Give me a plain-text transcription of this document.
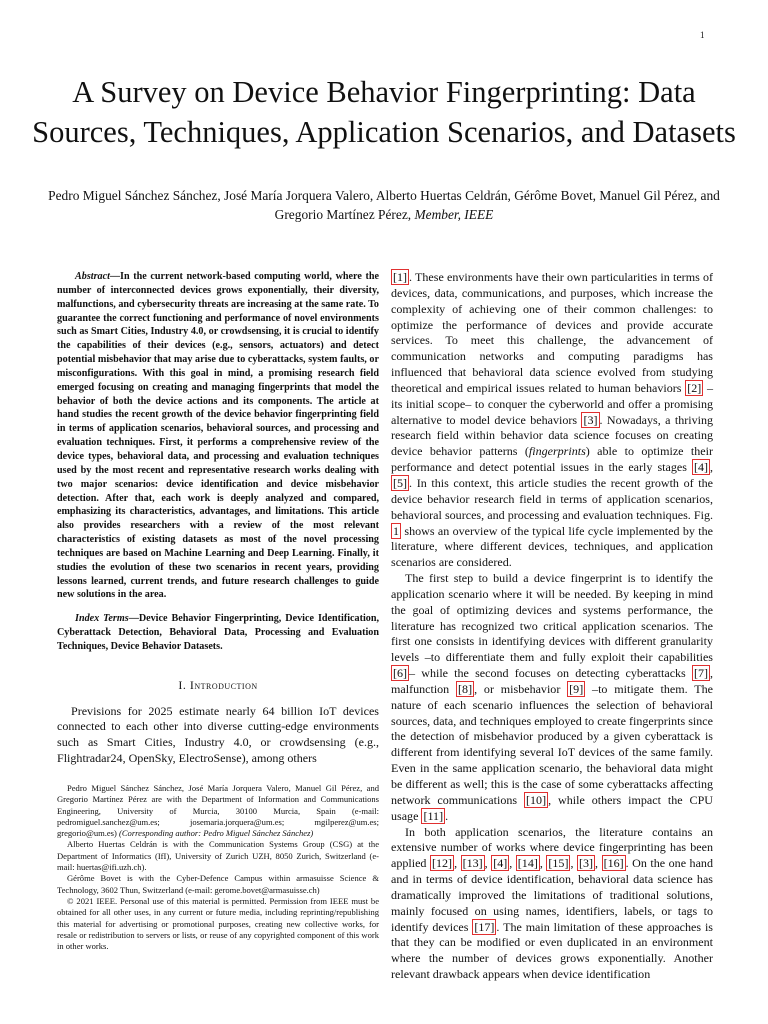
1
A Survey on Device Behavior Fingerprinting: Data Sources, Techniques, Application Scenarios, and Datasets
Pedro Miguel Sánchez Sánchez, José María Jorquera Valero, Alberto Huertas Celdrán, Gérôme Bovet, Manuel Gil Pérez, and Gregorio Martínez Pérez, Member, IEEE

Abstract—In the current network-based computing world, where the number of interconnected devices grows exponentially, their diversity, malfunctions, and cybersecurity threats are increasing at the same rate. To guarantee the correct functioning and performance of novel environments such as Smart Cities, Industry 4.0, or crowdsensing, it is crucial to identify the capabilities of their devices (e.g., sensors, actuators) and detect potential misbehavior that may arise due to cyberattacks, system faults, or misconfigurations. With this goal in mind, a promising research field emerged focusing on creating and managing fingerprints that model the behavior of both the device actions and its components. The article at hand studies the recent growth of the device behavior fingerprinting field in terms of application scenarios, behavioral sources, and processing and evaluation techniques. First, it performs a comprehensive review of the device types, behavioral data, and processing and evaluation techniques used by the most recent and representative research works dealing with two major scenarios: device identification and device misbehavior detection. After that, each work is deeply analyzed and compared, emphasizing its characteristics, advantages, and limitations. This article also provides researchers with a review of the most relevant characteristics of existing datasets as most of the novel processing techniques are based on Machine Learning and Deep Learning. Finally, it studies the evolution of these two scenarios in recent years, providing lessons learned, current trends, and future research challenges to guide new solutions in the area.

Index Terms—Device Behavior Fingerprinting, Device Identification, Cyberattack Detection, Behavioral Data, Processing and Evaluation Techniques, Device Behavior Datasets.

I. Introduction

Previsions for 2025 estimate nearly 64 billion IoT devices connected to each other into diverse cutting-edge environments such as Smart Cities, Industry 4.0, or crowdsensing (e.g., Flightradar24, OpenSky, ElectroSense), among others

Pedro Miguel Sánchez Sánchez, José María Jorquera Valero, Manuel Gil Pérez, and Gregorio Martínez Pérez are with the Department of Information and Communications Engineering, University of Murcia, 30100 Murcia, Spain (e-mail: pedromiguel.sanchez@um.es; josemaria.jorquera@um.es; mgilperez@um.es; gregorio@um.es) (Corresponding author: Pedro Miguel Sánchez Sánchez)

Alberto Huertas Celdrán is with the Communication Systems Group (CSG) at the Department of Informatics (IfI), University of Zurich UZH, 8050 Zurich, Switzerland (e-mail: huertas@ifi.uzh.ch).

Gérôme Bovet is with the Cyber-Defence Campus within armasuisse Science & Technology, 3602 Thun, Switzerland (e-mail: gerome.bovet@armasuisse.ch)

© 2021 IEEE. Personal use of this material is permitted. Permission from IEEE must be obtained for all other uses, in any current or future media, including reprinting/republishing this material for advertising or promotional purposes, creating new collective works, for resale or redistribution to servers or lists, or reuse of any copyrighted component of this work in other works.

[1] . These environments have their own particularities in terms of devices, data, communications, and purposes, which increase the complexity of achieving one of their common challenges: to optimize the performance of devices and provide accurate services. To meet this challenge, the advancement of communication networks and computing paradigms has influenced that behavioral data science evolved from studying theoretical and empirical issues related to human behaviors [2] –its initial scope– to conquer the cyberworld and offer a promising alternative to model device behaviors [3] . Nowadays, a thriving research field within behavior data science focuses on creating device behavior patterns (fingerprints) able to optimize their performance and detect potential issues in the early stages [4] , [5] . In this context, this article studies the recent growth of the device behavior research field in terms of application scenarios, behavioral sources, and processing and evaluation techniques. Fig. 1 shows an overview of the typical life cycle implemented by the literature, where different devices, techniques, and application scenarios are considered.

The first step to build a device fingerprint is to identify the application scenario where it will be needed. By keeping in mind the goal of optimizing devices and systems performance, the literature has recognized two critical application scenarios. The first one consists in identifying devices with different granularity levels –to differentiate them and fully exploit their capabilities [6] – while the second focuses on detecting cyberattacks [7] , malfunction [8] , or misbehavior [9] –to mitigate them. The nature of each scenario influences the selection of behavioral sources, data, and techniques employed to create fingerprints since the detection of misbehavior produced by a given cyberattack is different from identifying several IoT devices of the same family. Even in the same application scenario, the behavioral data might be different as well; this is the case of some cyberattacks affecting network communications [10] , while others impact the CPU usage [11] .

In both application scenarios, the literature contains an extensive number of works where device fingerprinting has been applied [12] , [13] , [4] , [14] , [15] , [3] , [16] . On the one hand and in terms of device identification, behavioral data science has dramatically improved the limitations of traditional solutions, mainly focused on using names, identifiers, labels, or tags to identify devices [17] . The main limitation of these approaches is that they can be modified or even duplicated in an environment where the number of devices grows exponentially. Another relevant drawback appears when device identification
